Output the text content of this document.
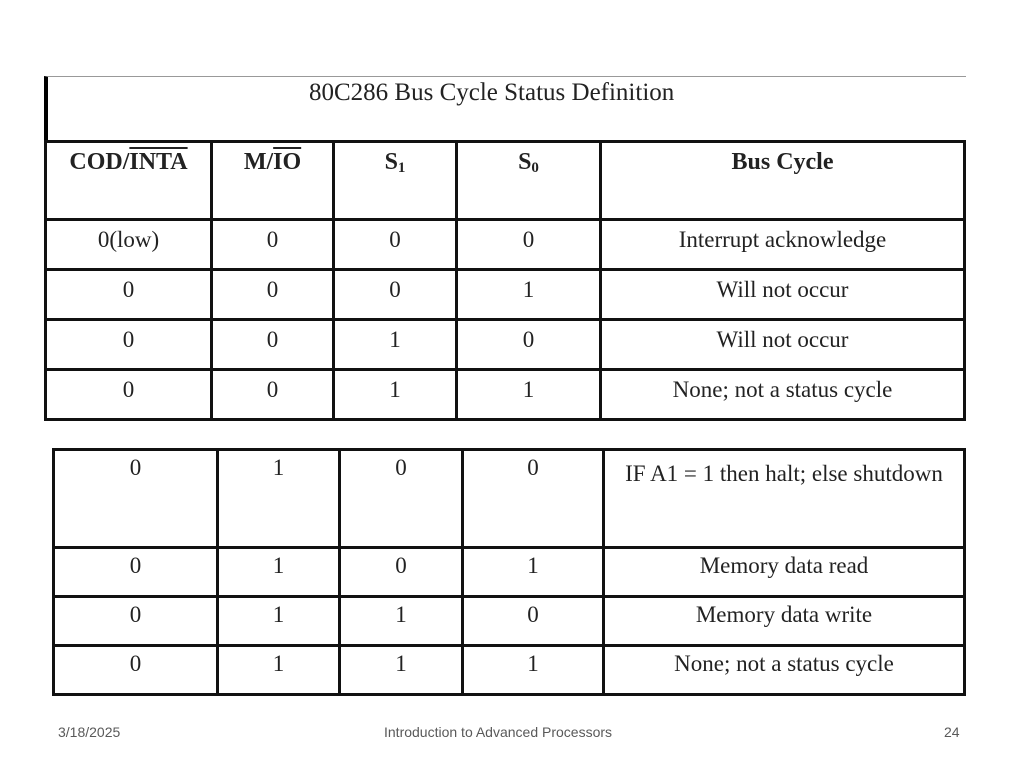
80C286 Bus Cycle Status Definition
COD/INTA	$M/\overline{IO}$	$S_1$	$S_0$	Bus Cycle
0(low)	0	0	0	Interrupt acknowledge
0	0	0	1	Will not occur
0	0	1	0	Will not occur
0	0	1	1	None; not a status cycle
0	1	0	0	IF A1 = 1 then halt; else shutdown
0	1	0	1	Memory data read
0	1	1	0	Memory data write
0	1	1	1	None; not a status cycle
3/18/2025	Introduction to Advanced Processors	24
